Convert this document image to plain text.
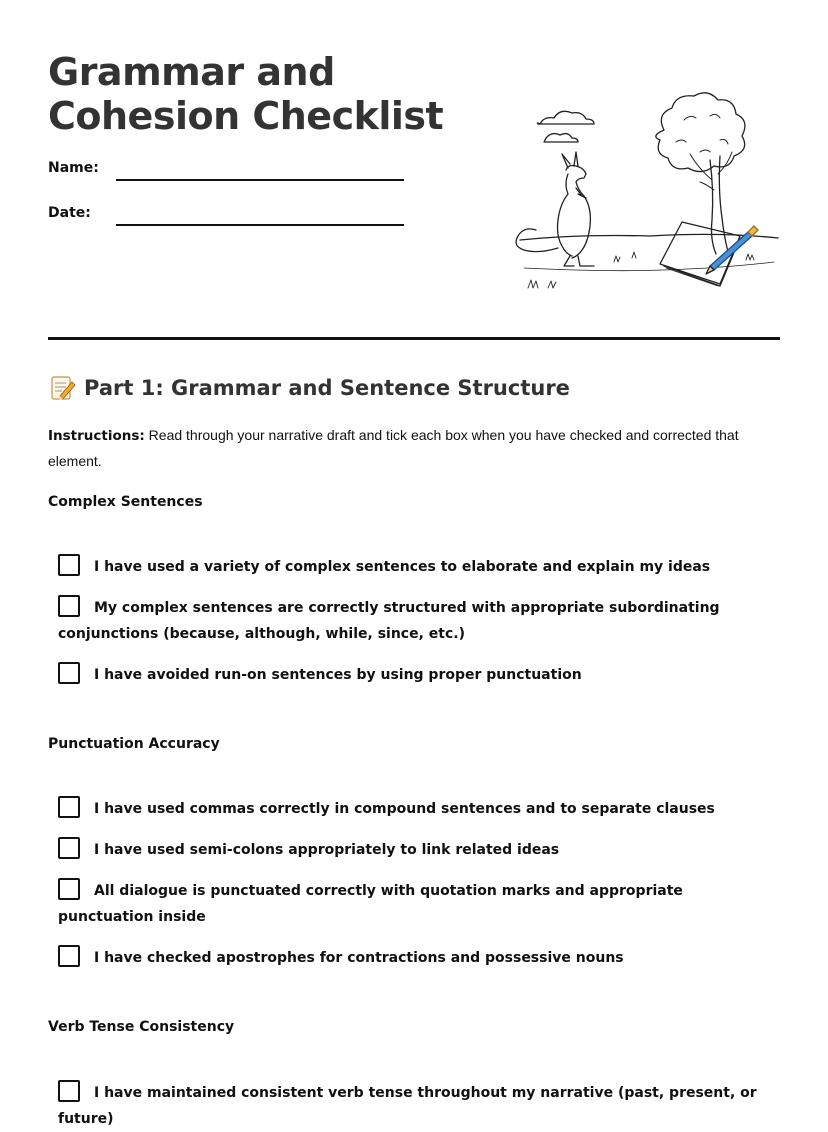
Grammar and Cohesion Checklist
Name:
Date:
Part 1: Grammar and Sentence Structure

Instructions: Read through your narrative draft and tick each box when you have checked and corrected that element.

Complex Sentences
I have used a variety of complex sentences to elaborate and explain my ideas
My complex sentences are correctly structured with appropriate subordinating conjunctions (because, although, while, since, etc.)
I have avoided run-on sentences by using proper punctuation
Punctuation Accuracy
I have used commas correctly in compound sentences and to separate clauses
I have used semi-colons appropriately to link related ideas
All dialogue is punctuated correctly with quotation marks and appropriate punctuation inside
I have checked apostrophes for contractions and possessive nouns
Verb Tense Consistency
I have maintained consistent verb tense throughout my narrative (past, present, or future)
